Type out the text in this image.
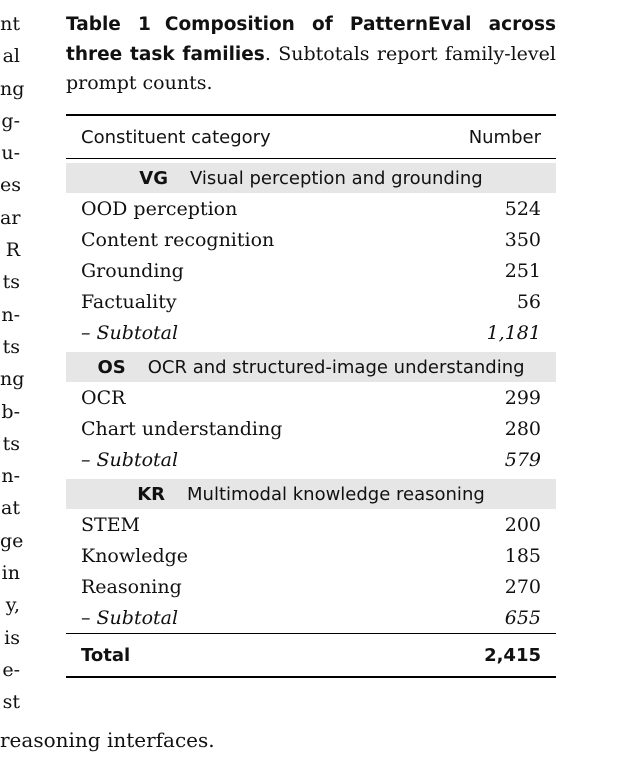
nt
al
ng
g-
u-
es
ar
R
ts
n-
ts
ng
b-
ts
n-
at
ge
in
y,
is
e-
st
reasoning interfaces.
Table 1 Composition of PatternEval across three task families. Subtotals report family-level prompt counts.
Constituent category	Number
VG Visual perception and grounding
OOD perception	524
Content recognition	350
Grounding	251
Factuality	56
– Subtotal	1,181
OS OCR and structured-image understanding
OCR	299
Chart understanding	280
– Subtotal	579
KR Multimodal knowledge reasoning
STEM	200
Knowledge	185
Reasoning	270
– Subtotal	655
Total	2,415
